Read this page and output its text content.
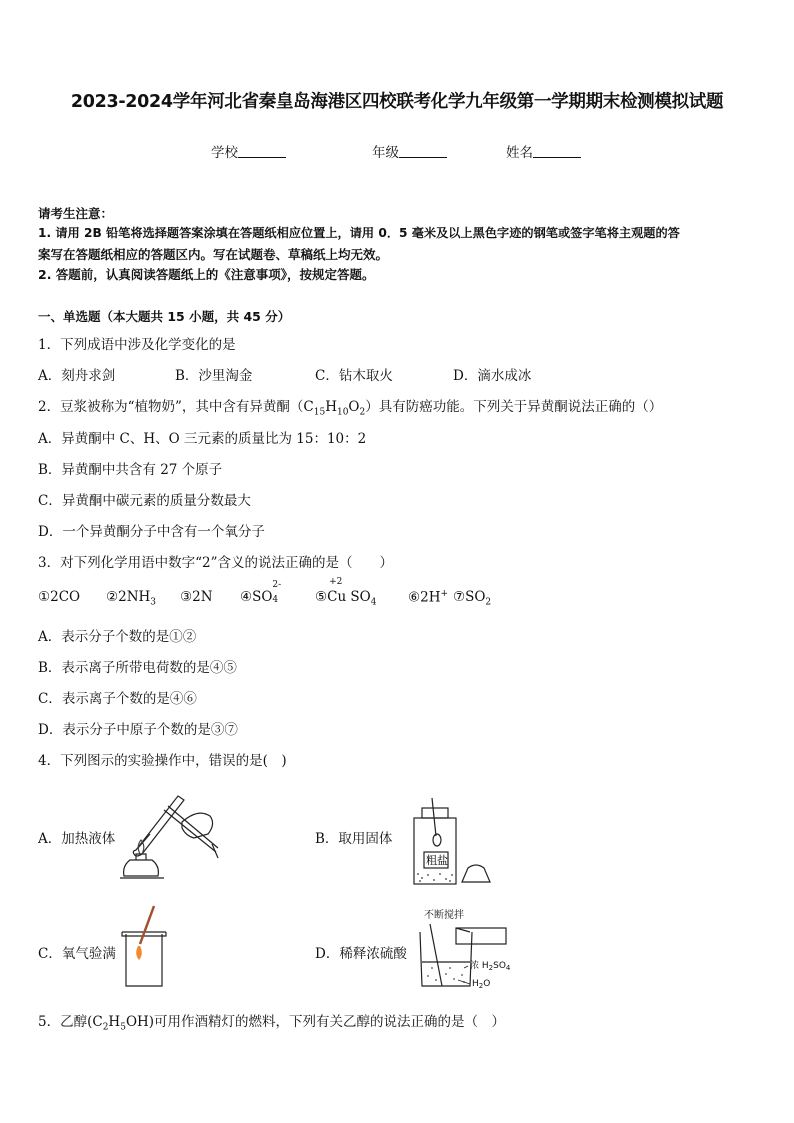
2023-2024学年河北省秦皇岛海港区四校联考化学九年级第一学期期末检测模拟试题
学校	年级	姓名
请考生注意：
1. 请用 2B 铅笔将选择题答案涂填在答题纸相应位置上，请用 0．5 毫米及以上黑色字迹的钢笔或签字笔将主观题的答
案写在答题纸相应的答题区内。写在试题卷、草稿纸上均无效。
2. 答题前，认真阅读答题纸上的《注意事项》，按规定答题。
一、单选题（本大题共 15 小题，共 45 分）
1．下列成语中涉及化学变化的是
A．刻舟求剑	B．沙里淘金	C．钻木取火	D．滴水成冰
2．豆浆被称为“植物奶”，其中含有异黄酮$(C_{15}H_{10}O_2)$具有防癌功能。下列关于异黄酮说法正确的（）
A．异黄酮中 C、H、O 三元素的质量比为 15：10：2
B．异黄酮中共含有 27 个原子
C．异黄酮中碳元素的质量分数最大
D．一个异黄酮分子中含有一个氧分子
3．对下列化学用语中数字“2”含义的说法正确的是（　　）
①2CO $②2NH_3$ ③2N ④SO
2-
4	⑤
+2
Cu $SO_4$ ⑥2H+ $⑦SO_2$
A．表示分子个数的是①②
B．表示离子所带电荷数的是④⑤
C．表示离子个数的是④⑥
D．表示分子中原子个数的是③⑦
4．下列图示的实验操作中，错误的是(　)
A．加热液体	B．取用固体
粗盐
C．氧气验满	D．稀释浓硫酸
不断搅拌
浓 $H_2SO_4$
$H_2O$
5．乙醇$(C_2H_5OH)$可用作酒精灯的燃料，下列有关乙醇的说法正确的是（　）
